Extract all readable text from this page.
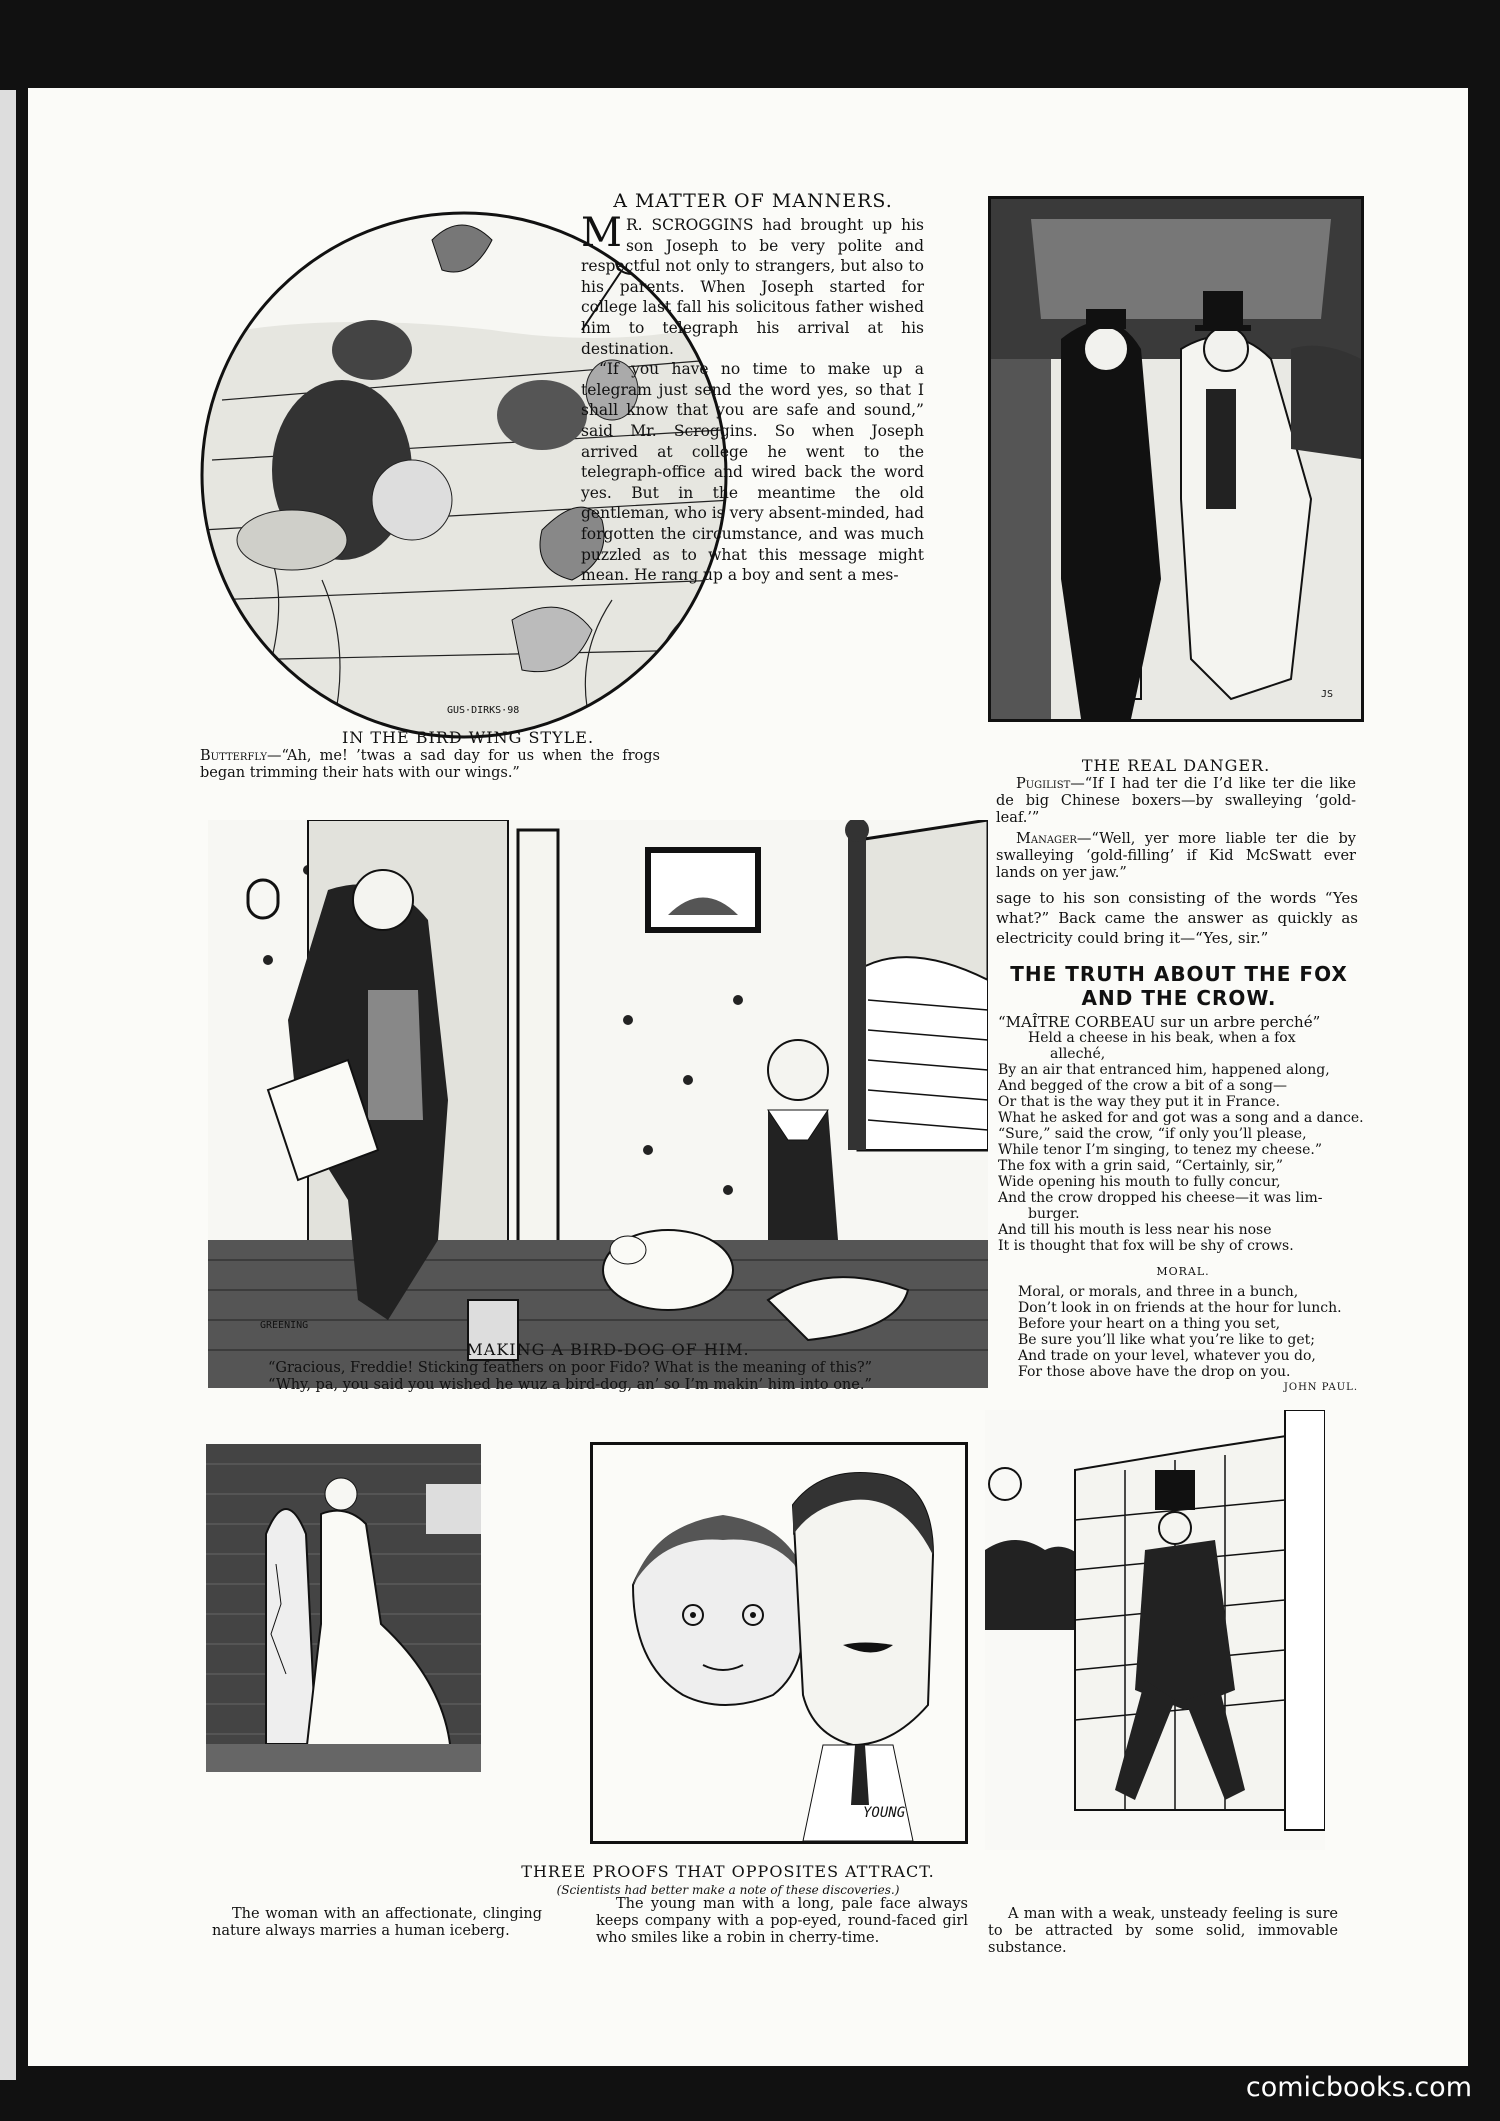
GUS·DIRKS·98
IN THE BIRD WING STYLE.
Butterfly—“Ah, me! ’twas a sad day for us when the frogs began trimming their hats with our wings.”
A MATTER OF MANNERS.

M R. SCROGGINS had brought up his son Joseph to be very polite and respectful not only to strangers, but also to his parents. When Joseph started for college last fall his solicitous father wished him to telegraph his arrival at his destination.

“If you have no time to make up a telegram just send the word yes, so that I shall know that you are safe and sound,” said Mr. Scroggins. So when Joseph arrived at college he went to the telegraph-office and wired back the word yes. But in the meantime the old gentleman, who is very absent-minded, had forgotten the circumstance, and was much puzzled as to what this message might mean. He rang up a boy and sent a mes-

JS
THE REAL DANGER.
Pugilist—“If I had ter die I’d like ter die like de big Chinese boxers—by swalleying ‘gold-leaf.’”
Manager—“Well, yer more liable ter die by swalleying ‘gold-filling’ if Kid McSwatt ever lands on yer jaw.”
sage to his son consisting of the words “Yes what?” Back came the answer as quickly as electricity could bring it—“Yes, sir.”
GREENING
MAKING A BIRD-DOG OF HIM.
“Gracious, Freddie! Sticking feathers on poor Fido? What is the meaning of this?”
“Why, pa, you said you wished he wuz a bird-dog, an’ so I’m makin’ him into one.”
THE TRUTH ABOUT THE FOX
AND THE CROW.
“MAÎTRE CORBEAU sur un arbre perché”
Held a cheese in his beak, when a fox
alleché,
By an air that entranced him, happened along,
And begged of the crow a bit of a song—
Or that is the way they put it in France.
What he asked for and got was a song and a dance.
“Sure,” said the crow, “if only you’ll please,
While tenor I’m singing, to tenez my cheese.”
The fox with a grin said, “Certainly, sir,”
Wide opening his mouth to fully concur,
And the crow dropped his cheese—it was lim-
burger.
And till his mouth is less near his nose
It is thought that fox will be shy of crows.
MORAL.
Moral, or morals, and three in a bunch,
Don’t look in on friends at the hour for lunch.
Before your heart on a thing you set,
Be sure you’ll like what you’re like to get;
And trade on your level, whatever you do,
For those above have the drop on you.
JOHN PAUL.
YOUNG
THREE PROOFS THAT OPPOSITES ATTRACT.
(Scientists had better make a note of these discoveries.)
The woman with an affectionate, clinging nature always marries a human iceberg.
The young man with a long, pale face always keeps company with a pop-eyed, round-faced girl who smiles like a robin in cherry-time.
A man with a weak, unsteady feeling is sure to be attracted by some solid, immovable substance.
comicbooks.com
